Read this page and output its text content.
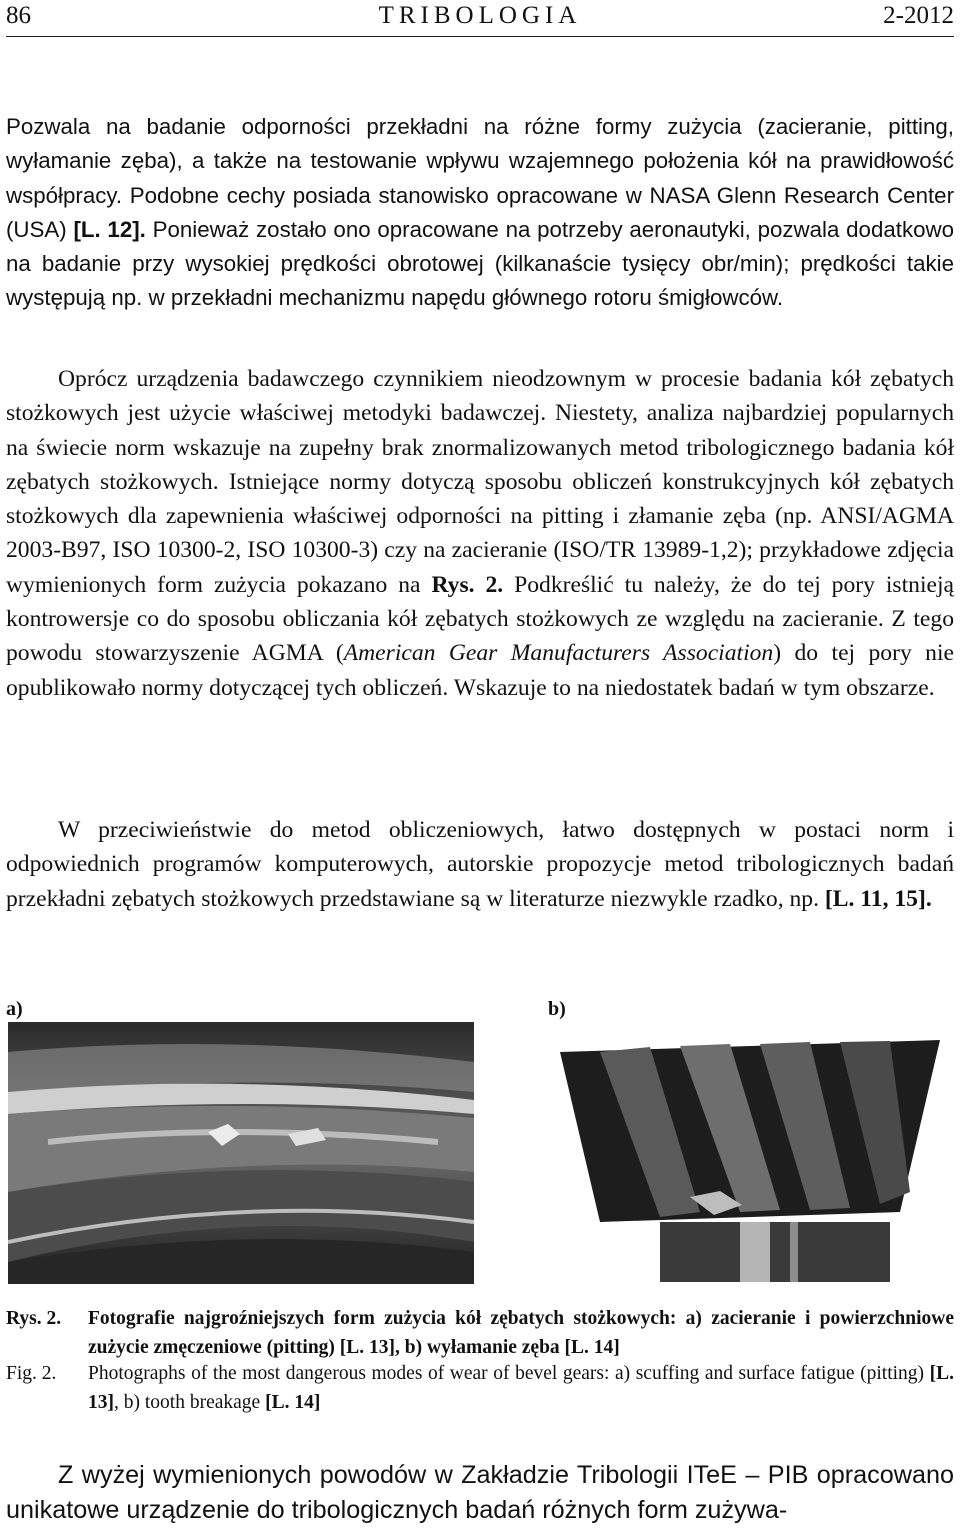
86	TRIBOLOGIA	2-2012

Pozwala na badanie odporności przekładni na różne formy zużycia (zacieranie, pitting, wyłamanie zęba), a także na testowanie wpływu wzajemnego położenia kół na prawidłowość współpracy. Podobne cechy posiada stanowisko opracowane w NASA Glenn Research Center (USA) [L. 12]. Ponieważ zostało ono opracowane na potrzeby aeronautyki, pozwala dodatkowo na badanie przy wysokiej prędkości obrotowej (kilkanaście tysięcy obr/min); prędkości takie występują np. w przekładni mechanizmu napędu głównego rotoru śmigłowców.

Oprócz urządzenia badawczego czynnikiem nieodzownym w procesie badania kół zębatych stożkowych jest użycie właściwej metodyki badawczej. Niestety, analiza najbardziej popularnych na świecie norm wskazuje na zupełny brak znormalizowanych metod tribologicznego badania kół zębatych stożkowych. Istniejące normy dotyczą sposobu obliczeń konstrukcyjnych kół zębatych stożkowych dla zapewnienia właściwej odporności na pitting i złamanie zęba (np. ANSI/AGMA 2003-B97, ISO 10300-2, ISO 10300-3) czy na zacieranie (ISO/TR 13989-1,2); przykładowe zdjęcia wymienionych form zużycia pokazano na Rys. 2. Podkreślić tu należy, że do tej pory istnieją kontrowersje co do sposobu obliczania kół zębatych stożkowych ze względu na zacieranie. Z tego powodu stowarzyszenie AGMA (American Gear Manufacturers Association) do tej pory nie opublikowało normy dotyczącej tych obliczeń. Wskazuje to na niedostatek badań w tym obszarze.

W przeciwieństwie do metod obliczeniowych, łatwo dostępnych w postaci norm i odpowiednich programów komputerowych, autorskie propozycje metod tribologicznych badań przekładni zębatych stożkowych przedstawiane są w literaturze niezwykle rzadko, np. [L. 11, 15].

a)	b)
Rys. 2. Fotografie najgroźniejszych form zużycia kół zębatych stożkowych: a) zacieranie i powierzchniowe zużycie zmęczeniowe (pitting) [L. 13], b) wyłamanie zęba [L. 14]
Fig. 2. Photographs of the most dangerous modes of wear of bevel gears: a) scuffing and surface fatigue (pitting) [L. 13], b) tooth breakage [L. 14]

Z wyżej wymienionych powodów w Zakładzie Tribologii ITeE – PIB opracowano unikatowe urządzenie do tribologicznych badań różnych form zużywa-
